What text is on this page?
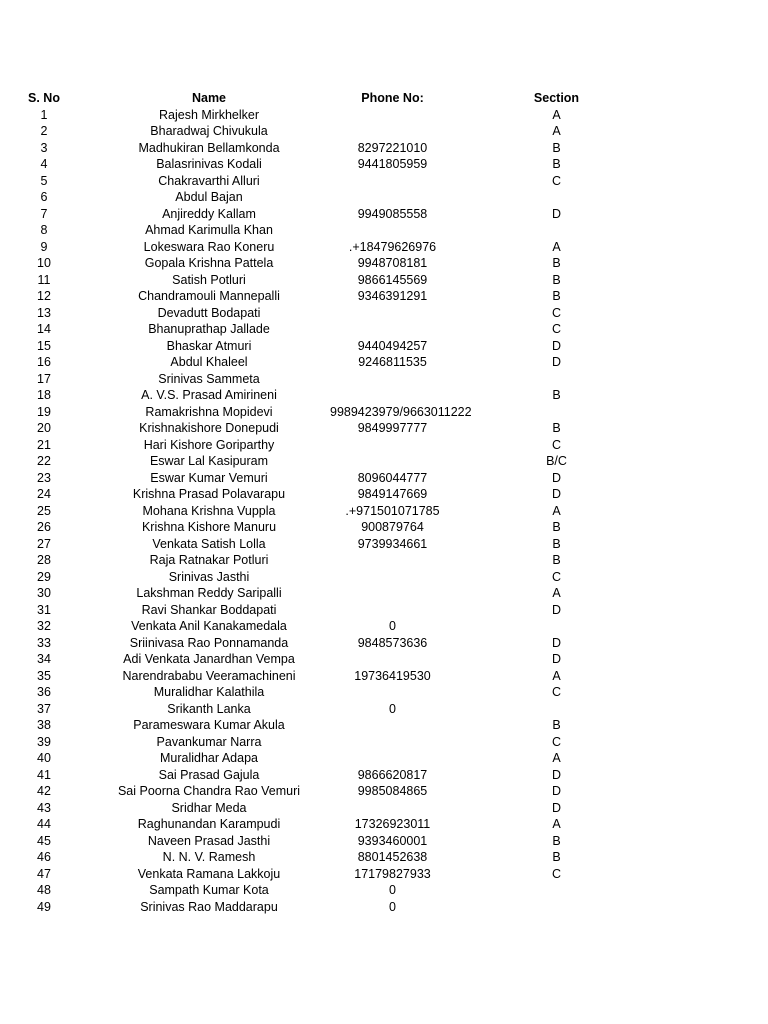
S. No	Name	Phone No:	Section	
1	Rajesh Mirkhelker		A	
2	Bharadwaj Chivukula		A	
3	Madhukiran Bellamkonda	8297221010	B	
4	Balasrinivas Kodali	9441805959	B	
5	Chakravarthi Alluri		C	
6	Abdul Bajan			
7	Anjireddy Kallam	9949085558	D	
8	Ahmad Karimulla Khan			
9	Lokeswara Rao Koneru	.+18479626976	A	
10	Gopala Krishna Pattela	9948708181	B	
11	Satish Potluri	9866145569	B	
12	Chandramouli Mannepalli	9346391291	B	
13	Devadutt Bodapati		C	
14	Bhanuprathap Jallade		C	
15	Bhaskar Atmuri	9440494257	D	
16	Abdul Khaleel	9246811535	D	
17	Srinivas Sammeta			
18	A. V.S. Prasad Amirineni		B	
19	Ramakrishna Mopidevi	9989423979/9663011222		
20	Krishnakishore Donepudi	9849997777	B	
21	Hari Kishore Goriparthy		C	
22	Eswar Lal Kasipuram		B/C	
23	Eswar Kumar Vemuri	8096044777	D	
24	Krishna Prasad Polavarapu	9849147669	D	
25	Mohana Krishna Vuppla	.+971501071785	A	
26	Krishna Kishore Manuru	900879764	B	
27	Venkata Satish Lolla	9739934661	B	
28	Raja Ratnakar Potluri		B	
29	Srinivas Jasthi		C	
30	Lakshman Reddy Saripalli		A	
31	Ravi Shankar Boddapati		D	
32	Venkata Anil Kanakamedala	0		
33	Sriinivasa Rao Ponnamanda	9848573636	D	
34	Adi Venkata Janardhan Vempa		D	
35	Narendrababu Veeramachineni	19736419530	A	
36	Muralidhar Kalathila		C	
37	Srikanth Lanka	0		
38	Parameswara Kumar Akula		B	
39	Pavankumar Narra		C	
40	Muralidhar Adapa		A	
41	Sai Prasad Gajula	9866620817	D	
42	Sai Poorna Chandra Rao Vemuri	9985084865	D	
43	Sridhar Meda		D	
44	Raghunandan Karampudi	17326923011	A	
45	Naveen Prasad Jasthi	9393460001	B	
46	N. N. V. Ramesh	8801452638	B	
47	Venkata Ramana Lakkoju	17179827933	C	
48	Sampath Kumar Kota	0		
49	Srinivas Rao Maddarapu	0		
